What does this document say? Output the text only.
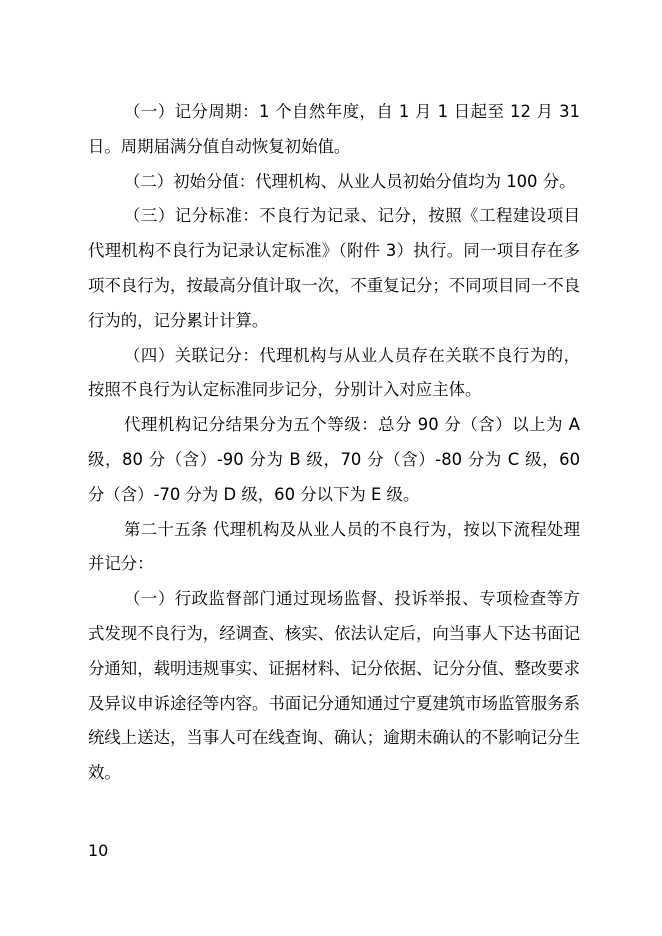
（一）记分周期：1 个自然年度，自 1 月 1 日起至 12 月 31 日。周期届满分值自动恢复初始值。

（二）初始分值：代理机构、从业人员初始分值均为 100 分。

（三）记分标准：不良行为记录、记分，按照《工程建设项目代理机构不良行为记录认定标准》（附件 3）执行。同一项目存在多项不良行为，按最高分值计取一次，不重复记分；不同项目同一不良行为的，记分累计计算。

（四）关联记分：代理机构与从业人员存在关联不良行为的，按照不良行为认定标准同步记分，分别计入对应主体。

代理机构记分结果分为五个等级：总分 90 分（含）以上为 A 级，80 分（含）-90 分为 B 级，70 分（含）-80 分为 C 级，60 分（含）-70 分为 D 级，60 分以下为 E 级。

第二十五条 代理机构及从业人员的不良行为，按以下流程处理并记分：

（一）行政监督部门通过现场监督、投诉举报、专项检查等方式发现不良行为，经调查、核实、依法认定后，向当事人下达书面记分通知，载明违规事实、证据材料、记分依据、记分分值、整改要求及异议申诉途径等内容。书面记分通知通过宁夏建筑市场监管服务系统线上送达，当事人可在线查询、确认；逾期未确认的不影响记分生效。

10
